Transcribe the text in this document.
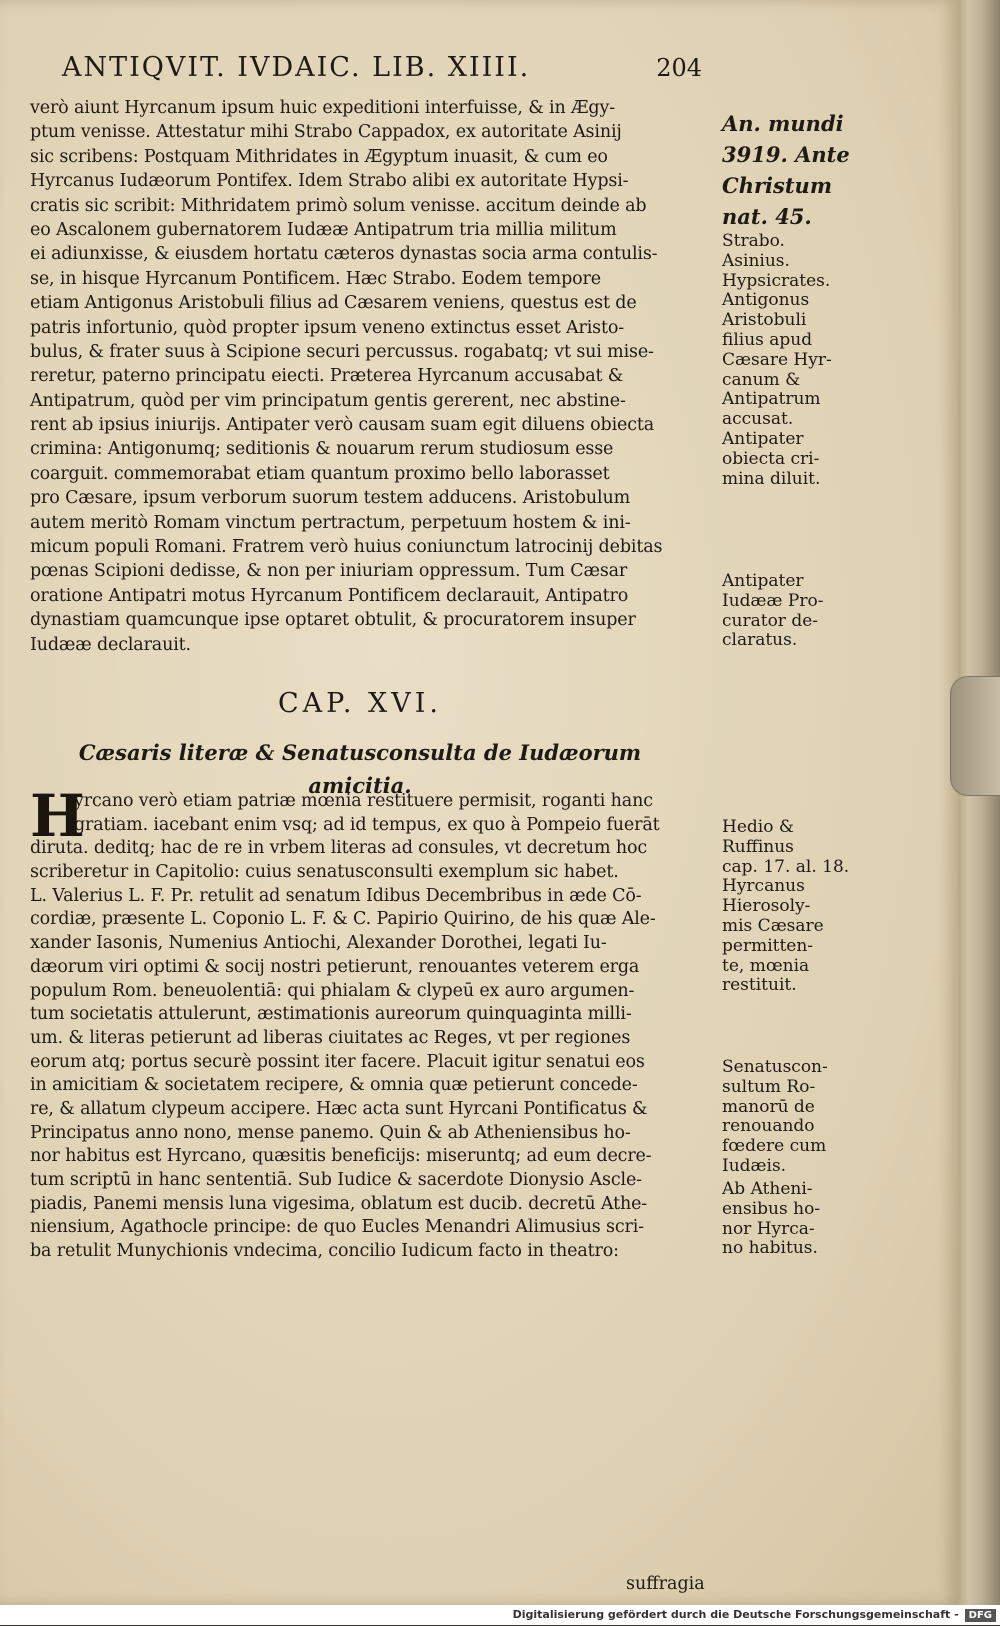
ANTIQVIT. IVDAIC. LIB. XIIII.	204
verò aiunt Hyrcanum ipsum huic expeditioni interfuisse, & in Ægy-
ptum venisse. Attestatur mihi Strabo Cappadox, ex autoritate Asinij
sic scribens: Postquam Mithridates in Ægyptum inuasit, & cum eo
Hyrcanus Iudæorum Pontifex. Idem Strabo alibi ex autoritate Hypsi-
cratis sic scribit: Mithridatem primò solum venisse. accitum deinde ab
eo Ascalonem gubernatorem Iudææ Antipatrum tria millia militum
ei adiunxisse, & eiusdem hortatu cæteros dynastas socia arma contulis-
se, in hisque Hyrcanum Pontificem. Hæc Strabo. Eodem tempore
etiam Antigonus Aristobuli filius ad Cæsarem veniens, questus est de
patris infortunio, quòd propter ipsum veneno extinctus esset Aristo-
bulus, & frater suus à Scipione securi percussus. rogabatq; vt sui mise-
reretur, paterno principatu eiecti. Præterea Hyrcanum accusabat &
Antipatrum, quòd per vim principatum gentis gererent, nec abstine-
rent ab ipsius iniurijs. Antipater verò causam suam egit diluens obiecta
crimina: Antigonumq; seditionis & nouarum rerum studiosum esse
coarguit. commemorabat etiam quantum proximo bello laborasset
pro Cæsare, ipsum verborum suorum testem adducens. Aristobulum
autem meritò Romam vinctum pertractum, perpetuum hostem & ini-
micum populi Romani. Fratrem verò huius coniunctum latrocinij debitas
pœnas Scipioni dedisse, & non per iniuriam oppressum. Tum Cæsar
oratione Antipatri motus Hyrcanum Pontificem declarauit, Antipatro
dynastiam quamcunque ipse optaret obtulit, & procuratorem insuper
Iudææ declarauit.
An. mundi
3919. Ante
Christum
nat. 45.
Strabo.
Asinius.
Hypsicrates.
Antigonus
Aristobuli
filius apud
Cæsare Hyr-
canum &
Antipatrum
accusat.
Antipater
obiecta cri-
mina diluit.
Antipater
Iudææ Pro-
curator de-
claratus.
CAP. XVI.
Cæsaris literæ & Senatusconsulta de Iudæorum
amicitia.
H
yrcano verò etiam patriæ mœnia restituere permisit, roganti hanc
gratiam. iacebant enim vsq; ad id tempus, ex quo à Pompeio fuerāt
diruta. deditq; hac de re in vrbem literas ad consules, vt decretum hoc
scriberetur in Capitolio: cuius senatusconsulti exemplum sic habet.
L. Valerius L. F. Pr. retulit ad senatum Idibus Decembribus in æde Cō-
cordiæ, præsente L. Coponio L. F. & C. Papirio Quirino, de his quæ Ale-
xander Iasonis, Numenius Antiochi, Alexander Dorothei, legati Iu-
dæorum viri optimi & socij nostri petierunt, renouantes veterem erga
populum Rom. beneuolentiā: qui phialam & clypeū ex auro argumen-
tum societatis attulerunt, æstimationis aureorum quinquaginta milli-
um. & literas petierunt ad liberas ciuitates ac Reges, vt per regiones
eorum atq; portus securè possint iter facere. Placuit igitur senatui eos
in amicitiam & societatem recipere, & omnia quæ petierunt concede-
re, & allatum clypeum accipere. Hæc acta sunt Hyrcani Pontificatus &
Principatus anno nono, mense panemo. Quin & ab Atheniensibus ho-
nor habitus est Hyrcano, quæsitis beneficijs: miseruntq; ad eum decre-
tum scriptū in hanc sententiā. Sub Iudice & sacerdote Dionysio Ascle-
piadis, Panemi mensis luna vigesima, oblatum est ducib. decretū Athe-
niensium, Agathocle principe: de quo Eucles Menandri Alimusius scri-
ba retulit Munychionis vndecima, concilio Iudicum facto in theatro:
Hedio &
Ruffinus
cap. 17. al. 18.
Hyrcanus
Hierosoly-
mis Cæsare
permitten-
te, mœnia
restituit.
Senatuscon-
sultum Ro-
manorū de
renouando
fœdere cum
Iudæis.
Ab Atheni-
ensibus ho-
nor Hyrca-
no habitus.
suffragia
Digitalisierung gefördert durch die Deutsche Forschungsgemeinschaft - DFG
